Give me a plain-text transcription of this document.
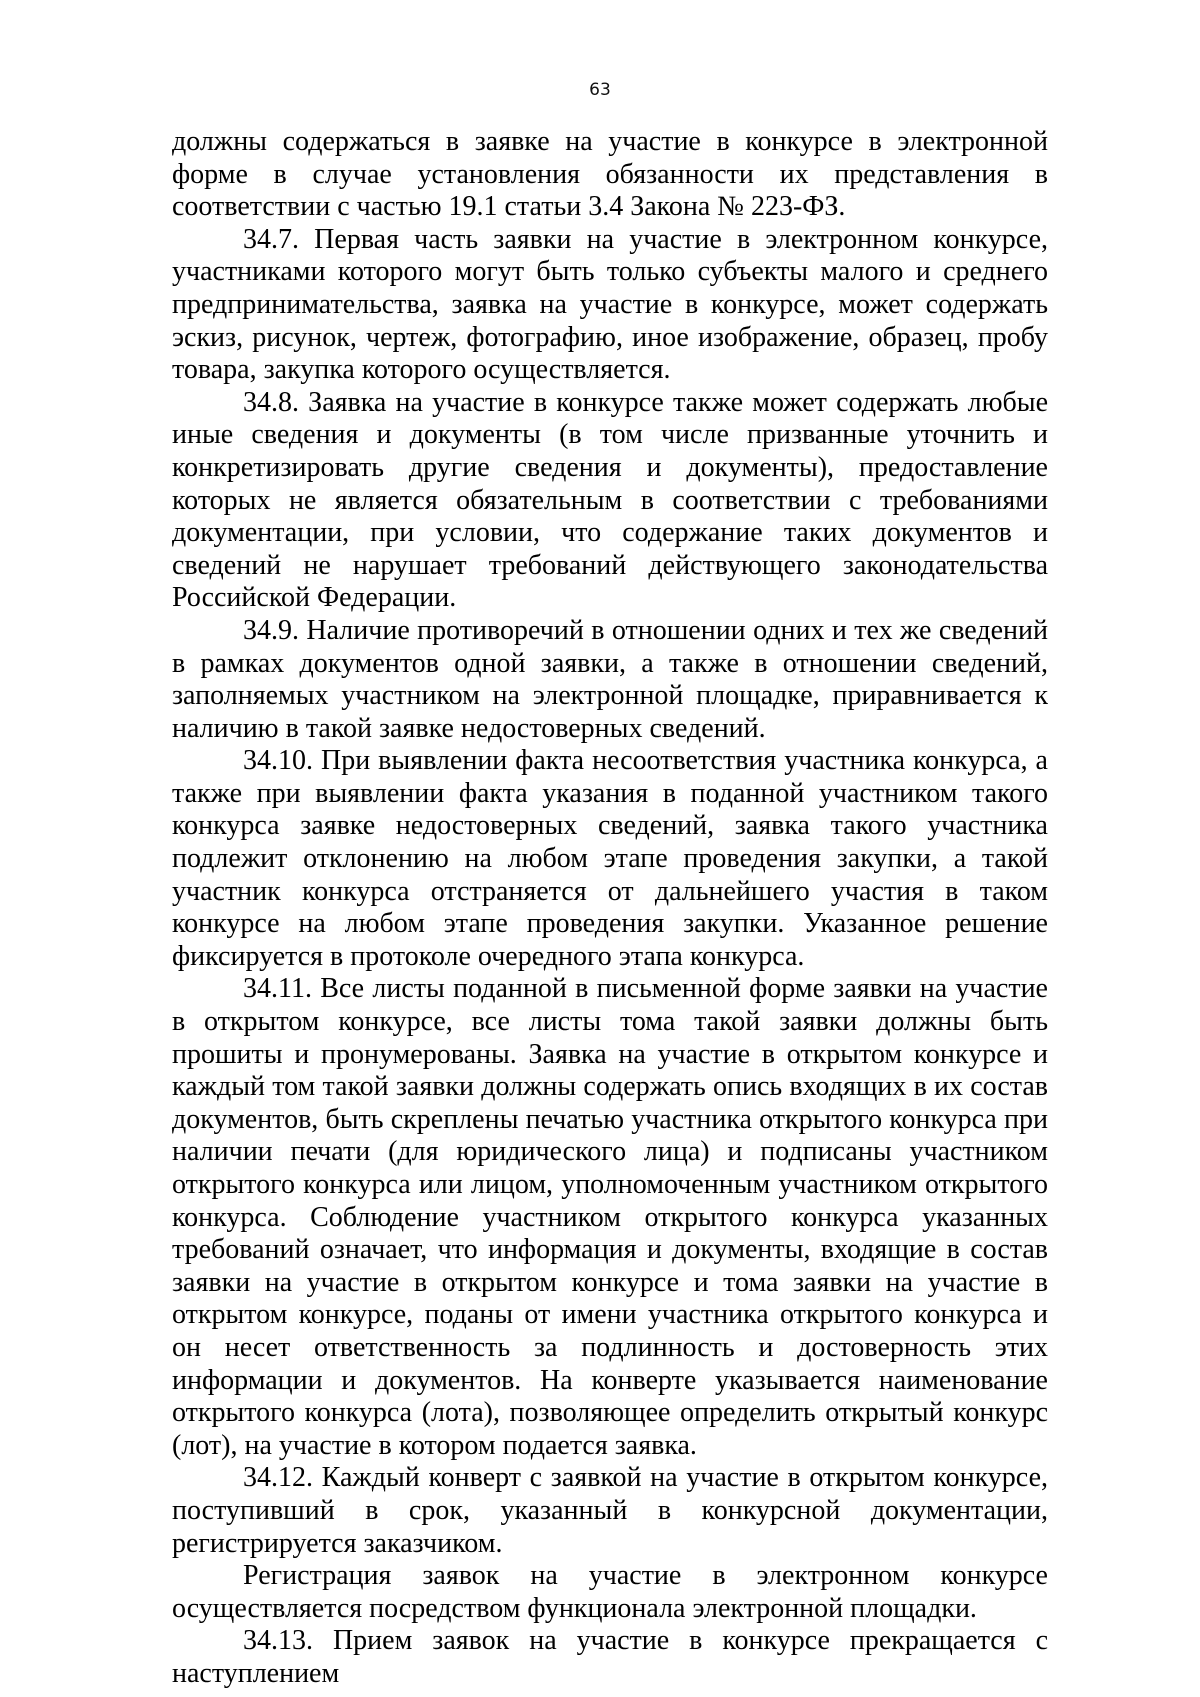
63

должны содержаться в заявке на участие в конкурсе в электронной форме в случае установления обязанности их представления в соответствии с частью 19.1 статьи 3.4 Закона № 223-ФЗ.

34.7. Первая часть заявки на участие в электронном конкурсе, участниками которого могут быть только субъекты малого и среднего предпринимательства, заявка на участие в конкурсе, может содержать эскиз, рисунок, чертеж, фотографию, иное изображение, образец, пробу товара, закупка которого осуществляется.

34.8. Заявка на участие в конкурсе также может содержать любые иные сведения и документы (в том числе призванные уточнить и конкретизировать другие сведения и документы), предоставление которых не является обязательным в соответствии с требованиями документации, при условии, что содержание таких документов и сведений не нарушает требований действующего законодательства Российской Федерации.

34.9. Наличие противоречий в отношении одних и тех же сведений в рамках документов одной заявки, а также в отношении сведений, заполняемых участником на электронной площадке, приравнивается к наличию в такой заявке недостоверных сведений.

34.10. При выявлении факта несоответствия участника конкурса, а также при выявлении факта указания в поданной участником такого конкурса заявке недостоверных сведений, заявка такого участника подлежит отклонению на любом этапе проведения закупки, а такой участник конкурса отстраняется от дальнейшего участия в таком конкурсе на любом этапе проведения закупки. Указанное решение фиксируется в протоколе очередного этапа конкурса.

34.11. Все листы поданной в письменной форме заявки на участие в открытом конкурсе, все листы тома такой заявки должны быть прошиты и пронумерованы. Заявка на участие в открытом конкурсе и каждый том такой заявки должны содержать опись входящих в их состав документов, быть скреплены печатью участника открытого конкурса при наличии печати (для юридического лица) и подписаны участником открытого конкурса или лицом, уполномоченным участником открытого конкурса. Соблюдение участником открытого конкурса указанных требований означает, что информация и документы, входящие в состав заявки на участие в открытом конкурсе и тома заявки на участие в открытом конкурсе, поданы от имени участника открытого конкурса и он несет ответственность за подлинность и достоверность этих информации и документов. На конверте указывается наименование открытого конкурса (лота), позволяющее определить открытый конкурс (лот), на участие в котором подается заявка.

34.12. Каждый конверт с заявкой на участие в открытом конкурсе, поступивший в срок, указанный в конкурсной документации, регистрируется заказчиком.

Регистрация заявок на участие в электронном конкурсе осуществляется посредством функционала электронной площадки.

34.13. Прием заявок на участие в конкурсе прекращается с наступлением
